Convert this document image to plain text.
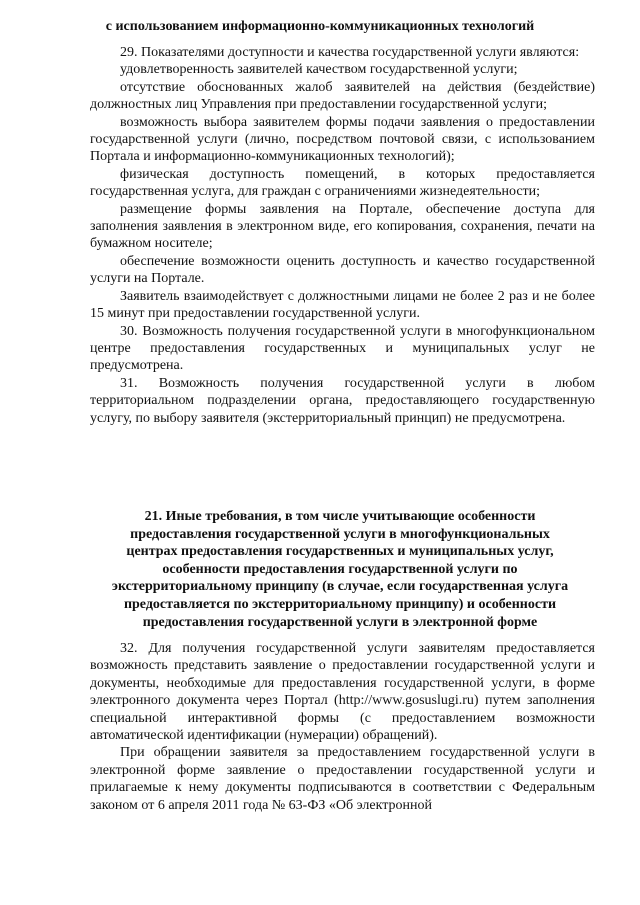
с использованием информационно-коммуникационных технологий

29. Показателями доступности и качества государственной услуги являются:

удовлетворенность заявителей качеством государственной услуги;

отсутствие обоснованных жалоб заявителей на действия (бездействие) должностных лиц Управления при предоставлении государственной услуги;

возможность выбора заявителем формы подачи заявления о предоставлении государственной услуги (лично, посредством почтовой связи, с использованием Портала и информационно-коммуникационных технологий);

физическая доступность помещений, в которых предоставляется государственная услуга, для граждан с ограничениями жизнедеятельности;

размещение формы заявления на Портале, обеспечение доступа для заполнения заявления в электронном виде, его копирования, сохранения, печати на бумажном носителе;

обеспечение возможности оценить доступность и качество государственной услуги на Портале.

Заявитель взаимодействует с должностными лицами не более 2 раз и не более 15 минут при предоставлении государственной услуги.

30. Возможность получения государственной услуги в многофункциональном центре предоставления государственных и муниципальных услуг не предусмотрена.

31. Возможность получения государственной услуги в любом территориальном подразделении органа, предоставляющего государственную услугу, по выбору заявителя (экстерриториальный принцип) не предусмотрена.

21. Иные требования, в том числе учитывающие особенности предоставления государственной услуги в многофункциональных центрах предоставления государственных и муниципальных услуг, особенности предоставления государственной услуги по экстерриториальному принципу (в случае, если государственная услуга предоставляется по экстерриториальному принципу) и особенности предоставления государственной услуги в электронной форме

32. Для получения государственной услуги заявителям предоставляется возможность представить заявление о предоставлении государственной услуги и документы, необходимые для предоставления государственной услуги, в форме электронного документа через Портал (http://www.gosuslugi.ru) путем заполнения специальной интерактивной формы (с предоставлением возможности автоматической идентификации (нумерации) обращений).

При обращении заявителя за предоставлением государственной услуги в электронной форме заявление о предоставлении государственной услуги и прилагаемые к нему документы подписываются в соответствии с Федеральным законом от 6 апреля 2011 года № 63-ФЗ «Об электронной
